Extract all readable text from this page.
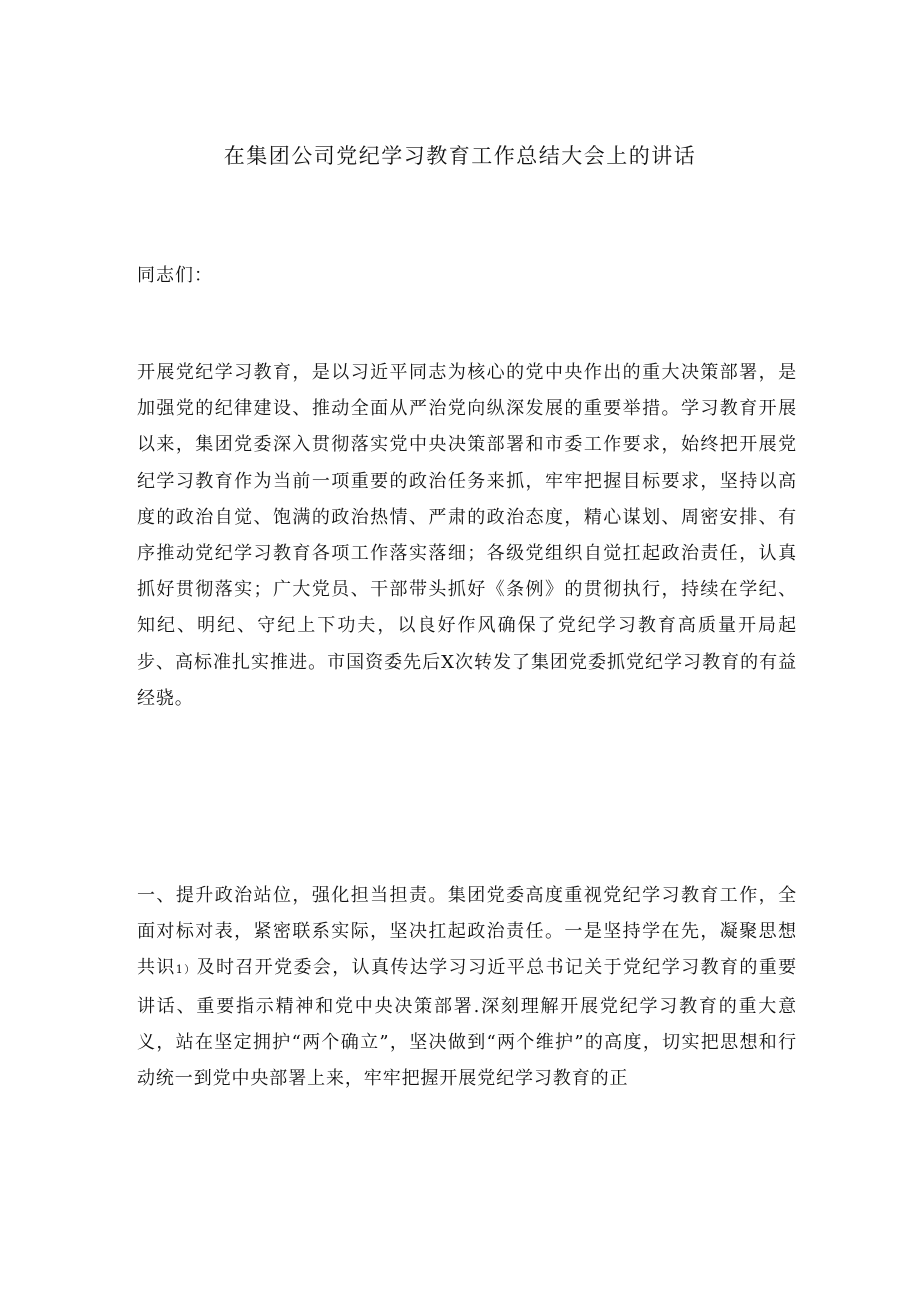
在集团公司党纪学习教育工作总结大会上的讲话

同志们：

开展党纪学习教育，是以习近平同志为核心的党中央作出的重大决策部署，是加强党的纪律建设、推动全面从严治党向纵深发展的重要举措。学习教育开展以来，集团党委深入贯彻落实党中央决策部署和市委工作要求，始终把开展党纪学习教育作为当前一项重要的政治任务来抓，牢牢把握目标要求，坚持以高度的政治自觉、饱满的政治热情、严肃的政治态度，精心谋划、周密安排、有序推动党纪学习教育各项工作落实落细；各级党组织自觉扛起政治责任，认真抓好贯彻落实；广大党员、干部带头抓好《条例》的贯彻执行，持续在学纪、知纪、明纪、守纪上下功夫，以良好作风确保了党纪学习教育高质量开局起步、高标准扎实推进。市国资委先后X次转发了集团党委抓党纪学习教育的有益经骁。

一、提升政治站位，强化担当担责。集团党委高度重视党纪学习教育工作，全面对标对表，紧密联系实际，坚决扛起政治责任。一是坚持学在先，凝聚思想共识1）及时召开党委会，认真传达学习习近平总书记关于党纪学习教育的重要讲话、重要指示精神和党中央决策部署.深刻理解开展党纪学习教育的重大意义，站在坚定拥护“两个确立”，坚决做到“两个维护”的高度，切实把思想和行动统一到党中央部署上来，牢牢把握开展党纪学习教育的正
